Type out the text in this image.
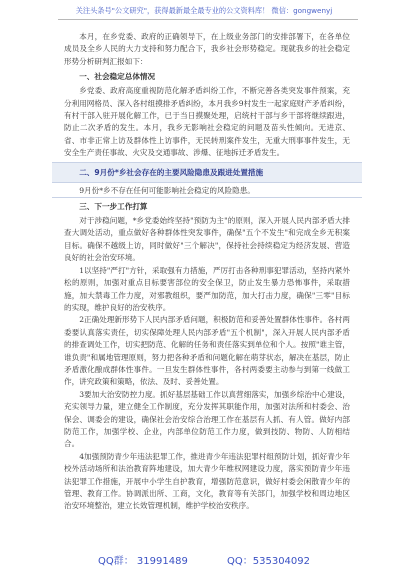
关注头条号"公文研究"，获得最新最全最专业的公文资料库！ 微信：gongwenyj

本月，在乡党委、政府的正确领导下，在上级业务部门的安排部署下，在各单位成员及全乡人民的大力支持和努力配合下，我乡社会形势稳定。现就我乡的社会稳定形势分析研判汇报如下：

一、社会稳定总体情况

乡党委、政府高度重视防范化解矛盾纠纷工作，不断完善各类突发事件预案，充分利用网格员、深入各村组摸排矛盾纠纷，本月我乡9村发生一起家庭财产矛盾纠纷，有村干部入驻开展化解工作，已于当日摸聚处理，启统村干部与乡干部将继续跟进，防止二次矛盾的发生。本月，我乡无影响社会稳定的问题及苗头性倾向。无进京、省、市非正常上访及群体性上访事件，无民转刑案件发生，无重大刑事事件发生，无安全生产责任事故、火灾及交通事故、涉爆、征地拆迁矛盾发生。

二、9月份*乡社会存在的主要风险隐患及跟进处置措施

9月份*乡不存在任何可能影响社会稳定的风险隐患。

三、下一步工作打算

对于涉稳问题，*乡党委始终坚持"预防为主"的原则，深入开展人民内部矛盾大排查大调处活动，重点做好各种群体性突发事件，确保"五个不发生"和完成全乡无积案目标。确保不越级上访，同时做好"三个解决"，保持社会持续稳定为经济发展、营造良好的社会治安环境。

1以坚持"严打"方针，采取强有力措施，严厉打击各种刑事犯罪活动，坚持内紧外松的原则，加强对重点目标要害部位的安全保卫，防止发生暴力恐怖事件，采取措施，加大禁毒工作力度，对邪教组织，要严加防范，加大打击力度，确保"三零"目标的实现，维护良好的治安秩序。

2正确处理新形势下人民内部矛盾问题，积极防范和妥善处置群体性事件。各村两委要认真落实责任，切实保障处理人民内部矛盾"五个机制"，深入开展人民内部矛盾的排查调处工作，切实把防范、化解的任务和责任落实到单位和个人。按照"谁主管，谁负责"和属地管理原则，努力把各种矛盾和问题化解在萌芽状态，解决在基层，防止矛盾激化酿成群体性事件。一旦发生群体性事件，各村两委要主动参与到第一线做工作，讲究政策和策略，依法、及时、妥善处置。

3要加大治安防控力度。抓好基层基础工作以真营细落实，加强乡综治中心建设，充实领导力量，建立健全工作制度，充分发挥其职能作用，加强对法所和村委会、治保会、调委会的建设，确保社会治安综合治理工作在基层有人抓、有人管。做好内部防范工作，加强学校、企业，内部单位防范工作力度，做到技防、物防、人防相结合。

4加强预防青少年违法犯罪工作，推进青少年违法犯罪村组预防计划，抓好青少年校外活动场所和法治教育阵地建设，加大青少年维权网建设力度，落实预防青少年违法犯罪工作措施，开展中小学生自护教育，增强防范意识，做好村委会闲散青少年的管理、教育工作。协调派出所、工商，文化，教育等有关部门，加强学校和周边地区治安环境整治，建立长效管理机制，维护学校治安秩序。

QQ群： 31991489	QQ：535304092
